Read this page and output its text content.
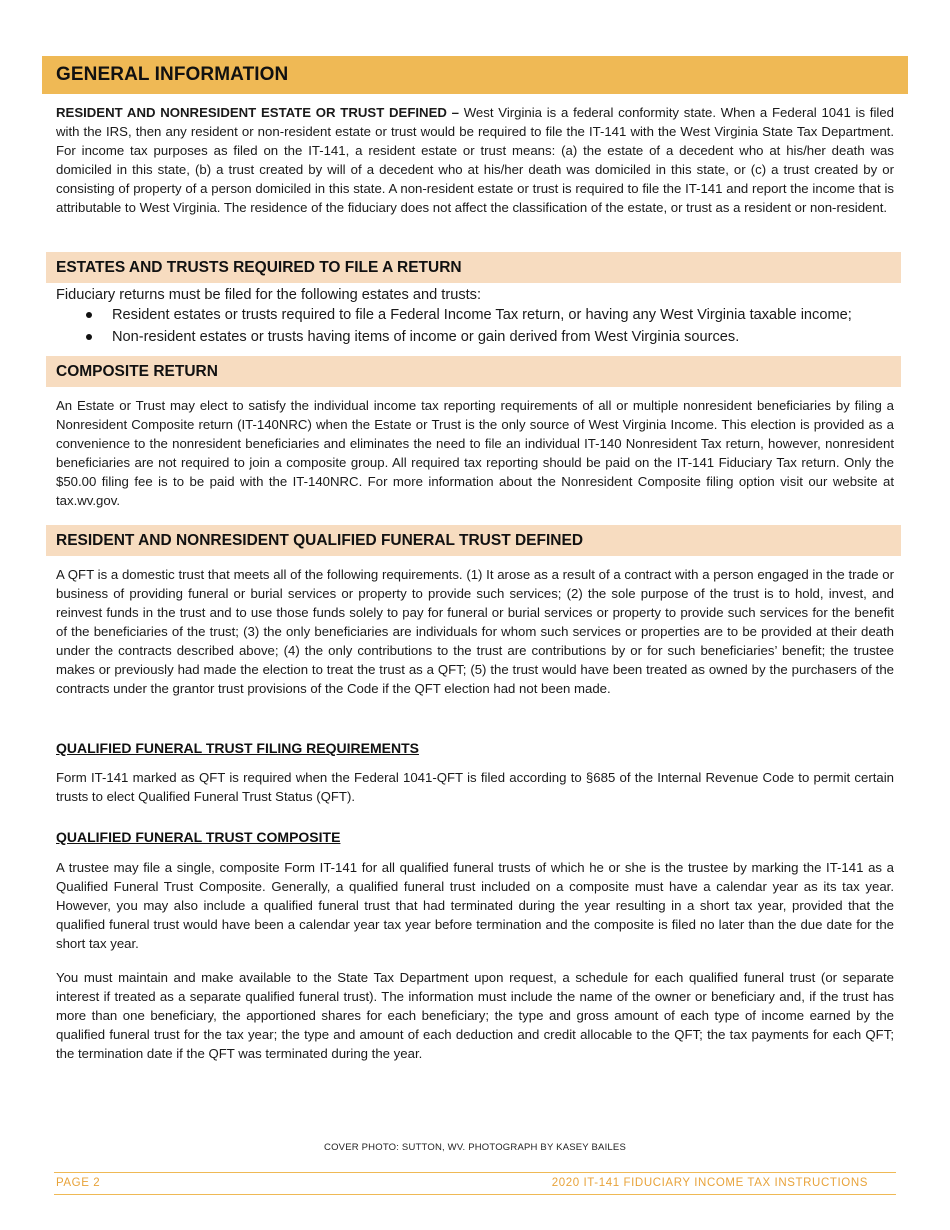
GENERAL INFORMATION

RESIDENT AND NONRESIDENT ESTATE OR TRUST DEFINED – West Virginia is a federal conformity state. When a Federal 1041 is filed with the IRS, then any resident or non-resident estate or trust would be required to file the IT-141 with the West Virginia State Tax Department. For income tax purposes as filed on the IT-141, a resident estate or trust means: (a) the estate of a decedent who at his/her death was domiciled in this state, (b) a trust created by will of a decedent who at his/her death was domiciled in this state, or (c) a trust created by or consisting of property of a person domiciled in this state. A non-resident estate or trust is required to file the IT-141 and report the income that is attributable to West Virginia. The residence of the fiduciary does not affect the classification of the estate, or trust as a resident or non-resident.

ESTATES AND TRUSTS REQUIRED TO FILE A RETURN

Fiduciary returns must be filed for the following estates and trusts:

Resident estates or trusts required to file a Federal Income Tax return, or having any West Virginia taxable income;
Non-resident estates or trusts having items of income or gain derived from West Virginia sources.
COMPOSITE RETURN

An Estate or Trust may elect to satisfy the individual income tax reporting requirements of all or multiple nonresident beneficiaries by filing a Nonresident Composite return (IT-140NRC) when the Estate or Trust is the only source of West Virginia Income. This election is provided as a convenience to the nonresident beneficiaries and eliminates the need to file an individual IT-140 Nonresident Tax return, however, nonresident beneficiaries are not required to join a composite group. All required tax reporting should be paid on the IT-141 Fiduciary Tax return. Only the $50.00 filing fee is to be paid with the IT-140NRC. For more information about the Nonresident Composite filing option visit our website at tax.wv.gov.

RESIDENT AND NONRESIDENT QUALIFIED FUNERAL TRUST DEFINED

A QFT is a domestic trust that meets all of the following requirements. (1) It arose as a result of a contract with a person engaged in the trade or business of providing funeral or burial services or property to provide such services; (2) the sole purpose of the trust is to hold, invest, and reinvest funds in the trust and to use those funds solely to pay for funeral or burial services or property to provide such services for the benefit of the beneficiaries of the trust; (3) the only beneficiaries are individuals for whom such services or properties are to be provided at their death under the contracts described above; (4) the only contributions to the trust are contributions by or for such beneficiaries’ benefit; the trustee makes or previously had made the election to treat the trust as a QFT; (5) the trust would have been treated as owned by the purchasers of the contracts under the grantor trust provisions of the Code if the QFT election had not been made.

QUALIFIED FUNERAL TRUST FILING REQUIREMENTS

Form IT-141 marked as QFT is required when the Federal 1041-QFT is filed according to §685 of the Internal Revenue Code to permit certain trusts to elect Qualified Funeral Trust Status (QFT).

QUALIFIED FUNERAL TRUST COMPOSITE

A trustee may file a single, composite Form IT-141 for all qualified funeral trusts of which he or she is the trustee by marking the IT-141 as a Qualified Funeral Trust Composite. Generally, a qualified funeral trust included on a composite must have a calendar year as its tax year. However, you may also include a qualified funeral trust that had terminated during the year resulting in a short tax year, provided that the qualified funeral trust would have been a calendar year tax year before termination and the composite is filed no later than the due date for the short tax year.

You must maintain and make available to the State Tax Department upon request, a schedule for each qualified funeral trust (or separate interest if treated as a separate qualified funeral trust). The information must include the name of the owner or beneficiary and, if the trust has more than one beneficiary, the apportioned shares for each beneficiary; the type and gross amount of each type of income earned by the qualified funeral trust for the tax year; the type and amount of each deduction and credit allocable to the QFT; the tax payments for each QFT; the termination date if the QFT was terminated during the year.

COVER PHOTO: SUTTON, WV. PHOTOGRAPH BY KASEY BAILES
PAGE 2	2020 IT-141 FIDUCIARY INCOME TAX INSTRUCTIONS
